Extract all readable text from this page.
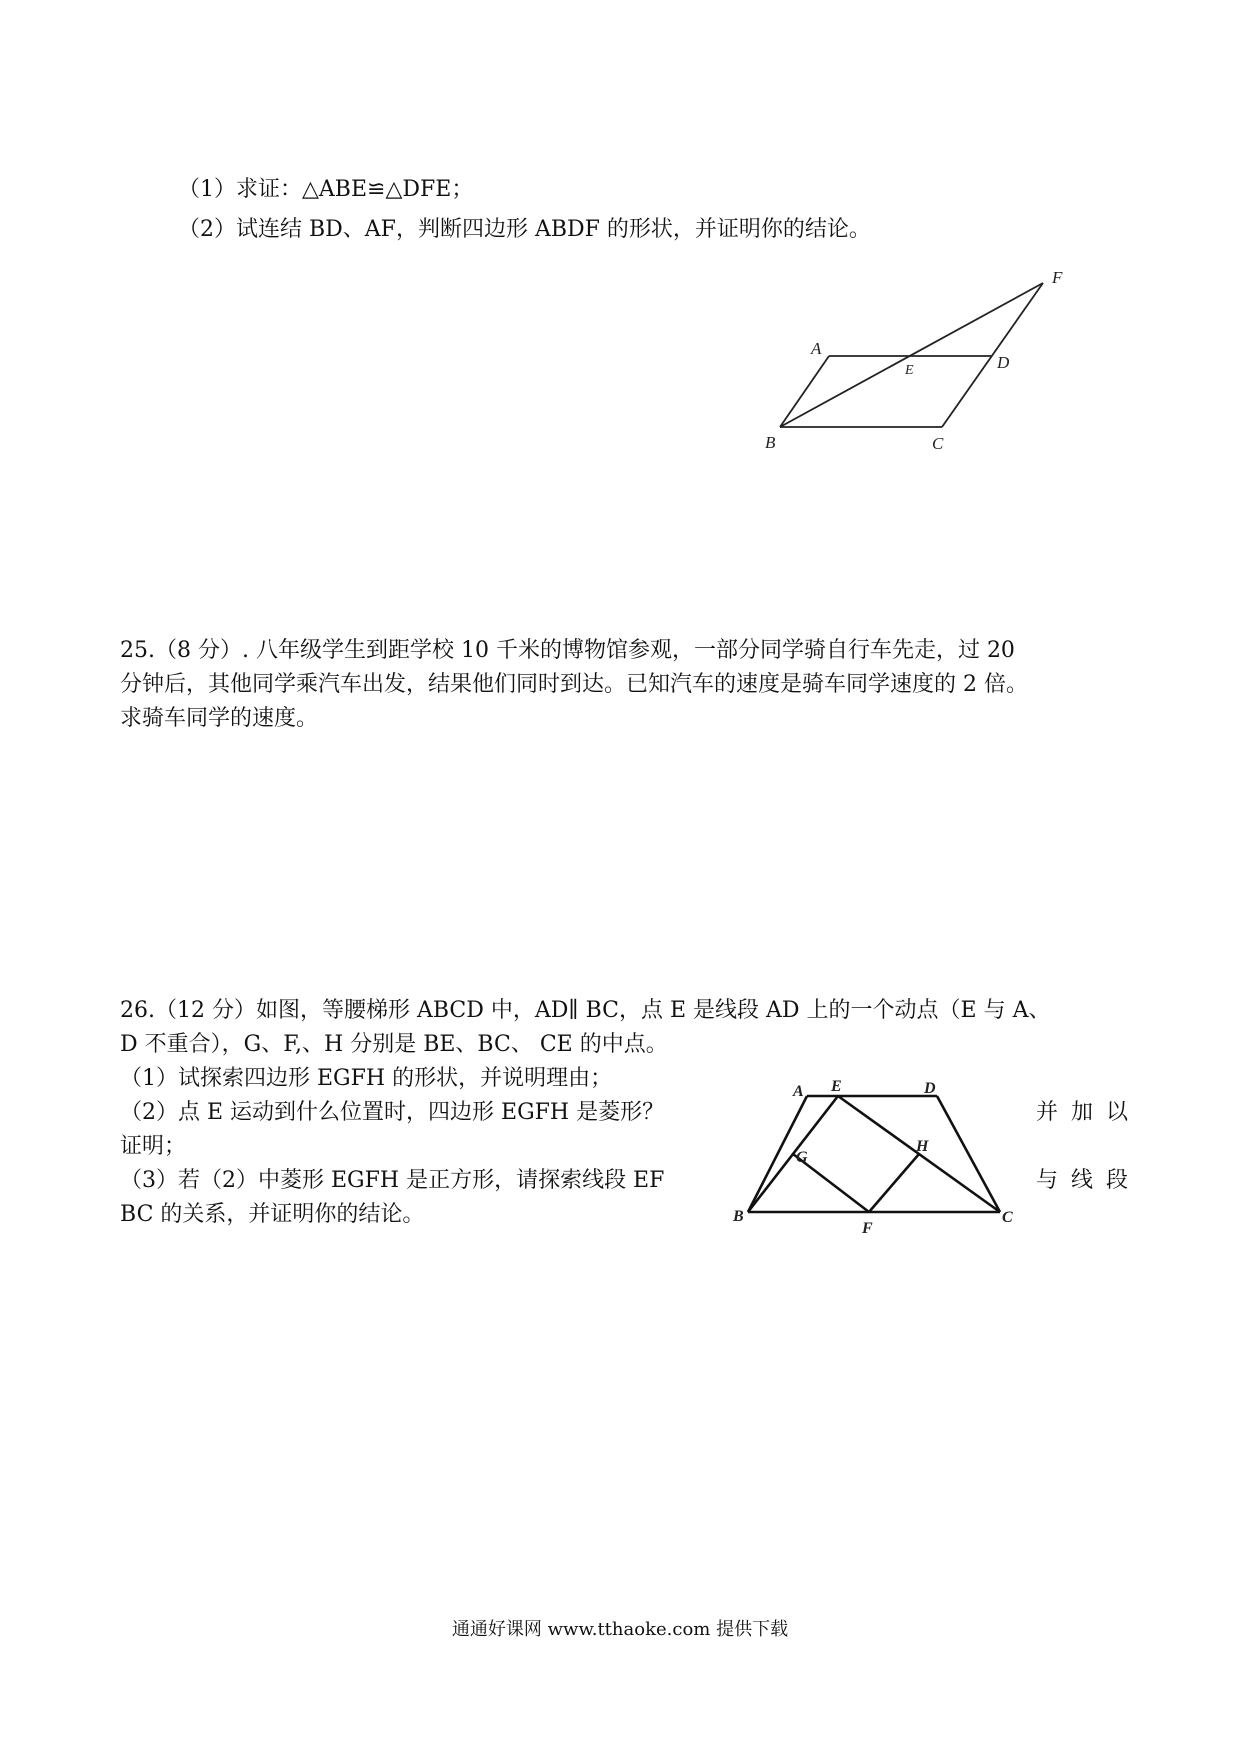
（1）求证：△ABE≌△DFE；
（2）试连结 BD、AF，判断四边形 ABDF 的形状，并证明你的结论。
A
B	C
D
E
F
25.（8 分）. 八年级学生到距学校 10 千米的博物馆参观，一部分同学骑自行车先走，过 20
分钟后，其他同学乘汽车出发，结果他们同时到达。已知汽车的速度是骑车同学速度的 2 倍。
求骑车同学的速度。
26.（12 分）如图，等腰梯形 ABCD 中，AD∥ BC，点 E 是线段 AD 上的一个动点（E 与 A、
D 不重合），G、F,、H 分别是 BE、BC、 CE 的中点。
（1）试探索四边形 EGFH 的形状，并说明理由；
（2）点 E 运动到什么位置时，四边形 EGFH 是菱形？	并 加 以
证明；
（3）若（2）中菱形 EGFH 是正方形，请探索线段 EF	与 线 段
BC 的关系，并证明你的结论。
A E	D
G
H
B
F
C
通通好课网 www.tthaoke.com 提供下载
